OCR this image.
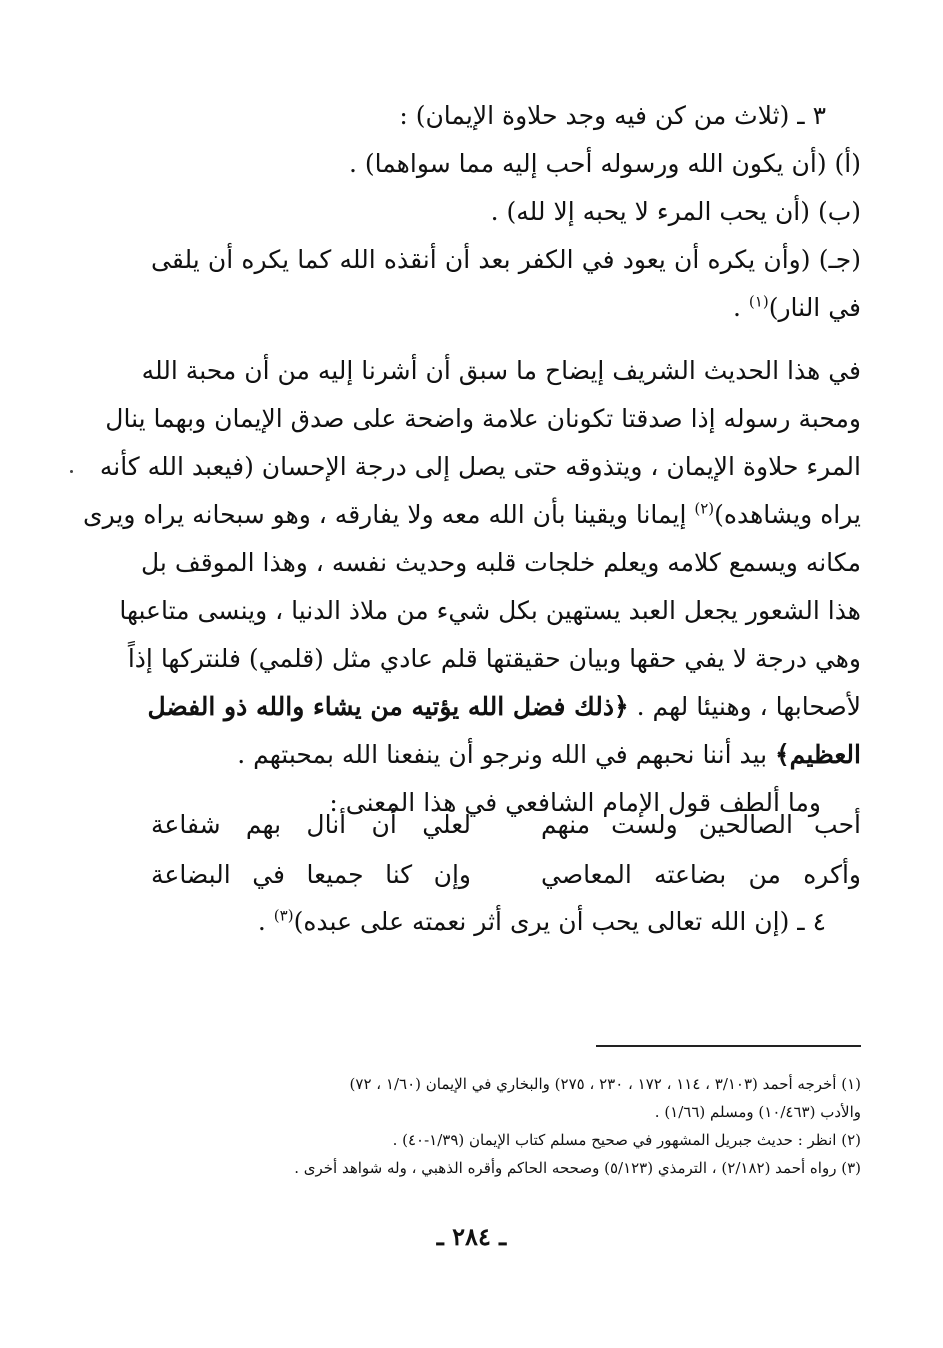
٣ ـ (ثلاث من كن فيه وجد حلاوة الإيمان) :

(أ) (أن يكون الله ورسوله أحب إليه مما سواهما) .

(ب) (أن يحب المرء لا يحبه إلا لله) .

(جـ) (وأن يكره أن يعود في الكفر بعد أن أنقذه الله كما يكره أن يلقى

في النار)$^{(١)}$ .

في هذا الحديث الشريف إيضاح ما سبق أن أشرنا إليه من أن محبة الله

ومحبة رسوله إذا صدقتا تكونان علامة واضحة على صدق الإيمان وبهما ينال

المرء حلاوة الإيمان ، ويتذوقه حتى يصل إلى درجة الإحسان (فيعبد الله كأنه

يراه ويشاهده)$^{(٢)}$ إيمانا ويقينا بأن الله معه ولا يفارقه ، وهو سبحانه يراه ويرى

مكانه ويسمع كلامه ويعلم خلجات قلبه وحديث نفسه ، وهذا الموقف بل

هذا الشعور يجعل العبد يستهين بكل شيء من ملاذ الدنيا ، وينسى متاعبها

وهي درجة لا يفي حقها وبيان حقيقتها قلم عادي مثل (قلمي) فلنتركها إذاً

لأصحابها ، وهنيئا لهم . ﴿ذلك فضل الله يؤتيه من يشاء والله ذو الفضل

العظيم﴾ بيد أننا نحبهم في الله ونرجو أن ينفعنا الله بمحبتهم .

وما ألطف قول الإمام الشافعي في هذا المعنى :

أحب الصالحين ولست منهم
لعلي أن أنال بهم شفاعة
وأكره من بضاعته المعاصي
وإن كنا جميعا في البضاعة

٤ ـ (إن الله تعالى يحب أن يرى أثر نعمته على عبده)$^{(٣)}$ .

(١) أخرجه أحمد (٣/١٠٣ ، ١١٤ ، ١٧٢ ، ٢٣٠ ، ٢٧٥) والبخاري في الإيمان (١/٦٠ ، ٧٢)

والأدب (١٠/٤٦٣) ومسلم (١/٦٦) .

(٢) انظر : حديث جبريل المشهور في صحيح مسلم كتاب الإيمان (١/٣٩-٤٠) .

(٣) رواه أحمد (٢/١٨٢) ، الترمذي (٥/١٢٣) وصححه الحاكم وأقره الذهبي ، وله شواهد أخرى .

ـ ٢٨٤ ـ
